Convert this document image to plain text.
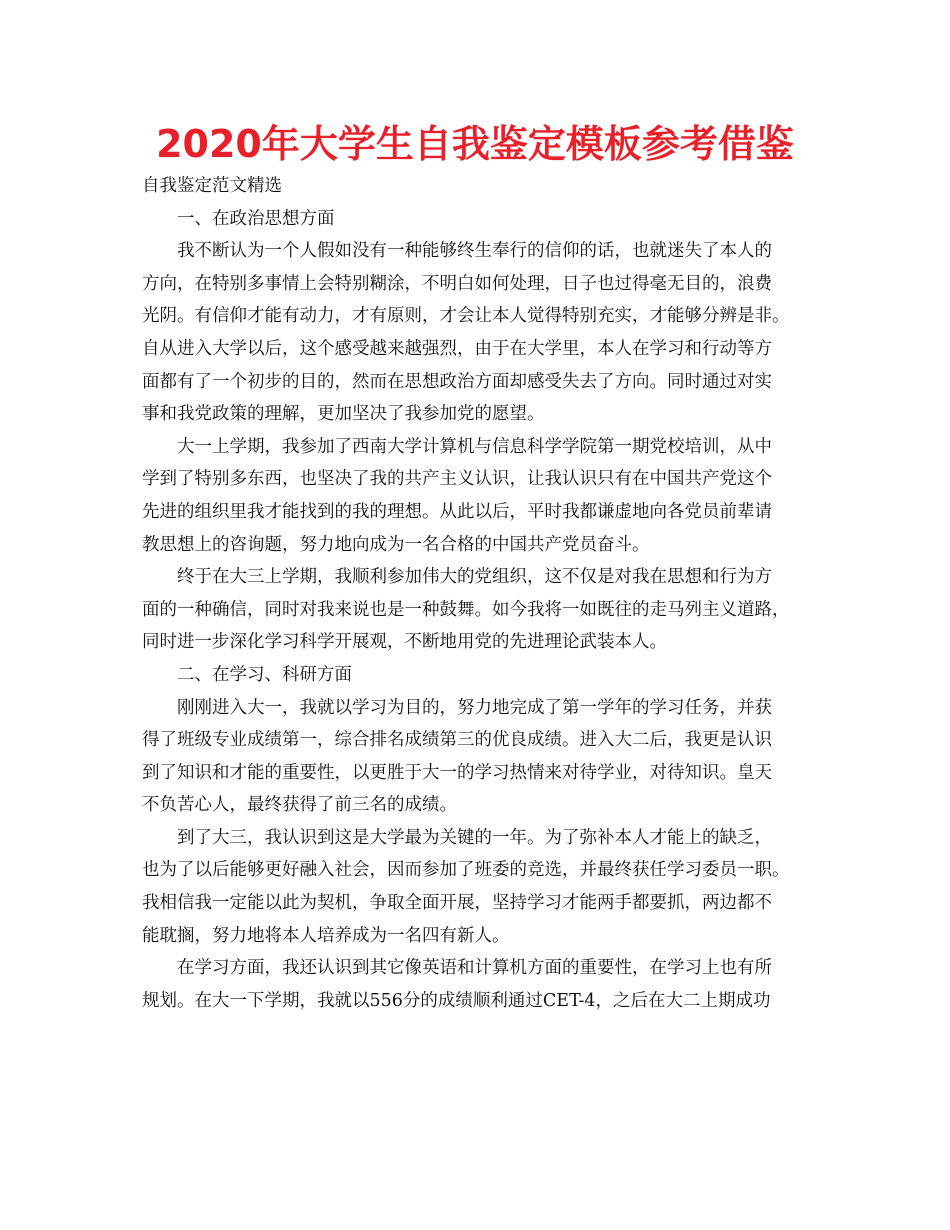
2020年大学生自我鉴定模板参考借鉴
自我鉴定范文精选
一、在政治思想方面
我不断认为一个人假如没有一种能够终生奉行的信仰的话，也就迷失了本人的
方向，在特别多事情上会特别糊涂，不明白如何处理，日子也过得毫无目的，浪费
光阴。有信仰才能有动力，才有原则，才会让本人觉得特别充实，才能够分辨是非。
自从进入大学以后，这个感受越来越强烈，由于在大学里，本人在学习和行动等方
面都有了一个初步的目的，然而在思想政治方面却感受失去了方向。同时通过对实
事和我党政策的理解，更加坚决了我参加党的愿望。
大一上学期，我参加了西南大学计算机与信息科学学院第一期党校培训，从中
学到了特别多东西，也坚决了我的共产主义认识，让我认识只有在中国共产党这个
先进的组织里我才能找到的我的理想。从此以后，平时我都谦虚地向各党员前辈请
教思想上的咨询题，努力地向成为一名合格的中国共产党员奋斗。
终于在大三上学期，我顺利参加伟大的党组织，这不仅是对我在思想和行为方
面的一种确信，同时对我来说也是一种鼓舞。如今我将一如既往的走马列主义道路，
同时进一步深化学习科学开展观，不断地用党的先进理论武装本人。
二、在学习、科研方面
刚刚进入大一，我就以学习为目的，努力地完成了第一学年的学习任务，并获
得了班级专业成绩第一，综合排名成绩第三的优良成绩。进入大二后，我更是认识
到了知识和才能的重要性，以更胜于大一的学习热情来对待学业，对待知识。皇天
不负苦心人，最终获得了前三名的成绩。
到了大三，我认识到这是大学最为关键的一年。为了弥补本人才能上的缺乏，
也为了以后能够更好融入社会，因而参加了班委的竞选，并最终获任学习委员一职。
我相信我一定能以此为契机，争取全面开展，坚持学习才能两手都要抓，两边都不
能耽搁，努力地将本人培养成为一名四有新人。
在学习方面，我还认识到其它像英语和计算机方面的重要性，在学习上也有所
规划。在大一下学期，我就以556分的成绩顺利通过CET-4，之后在大二上期成功
